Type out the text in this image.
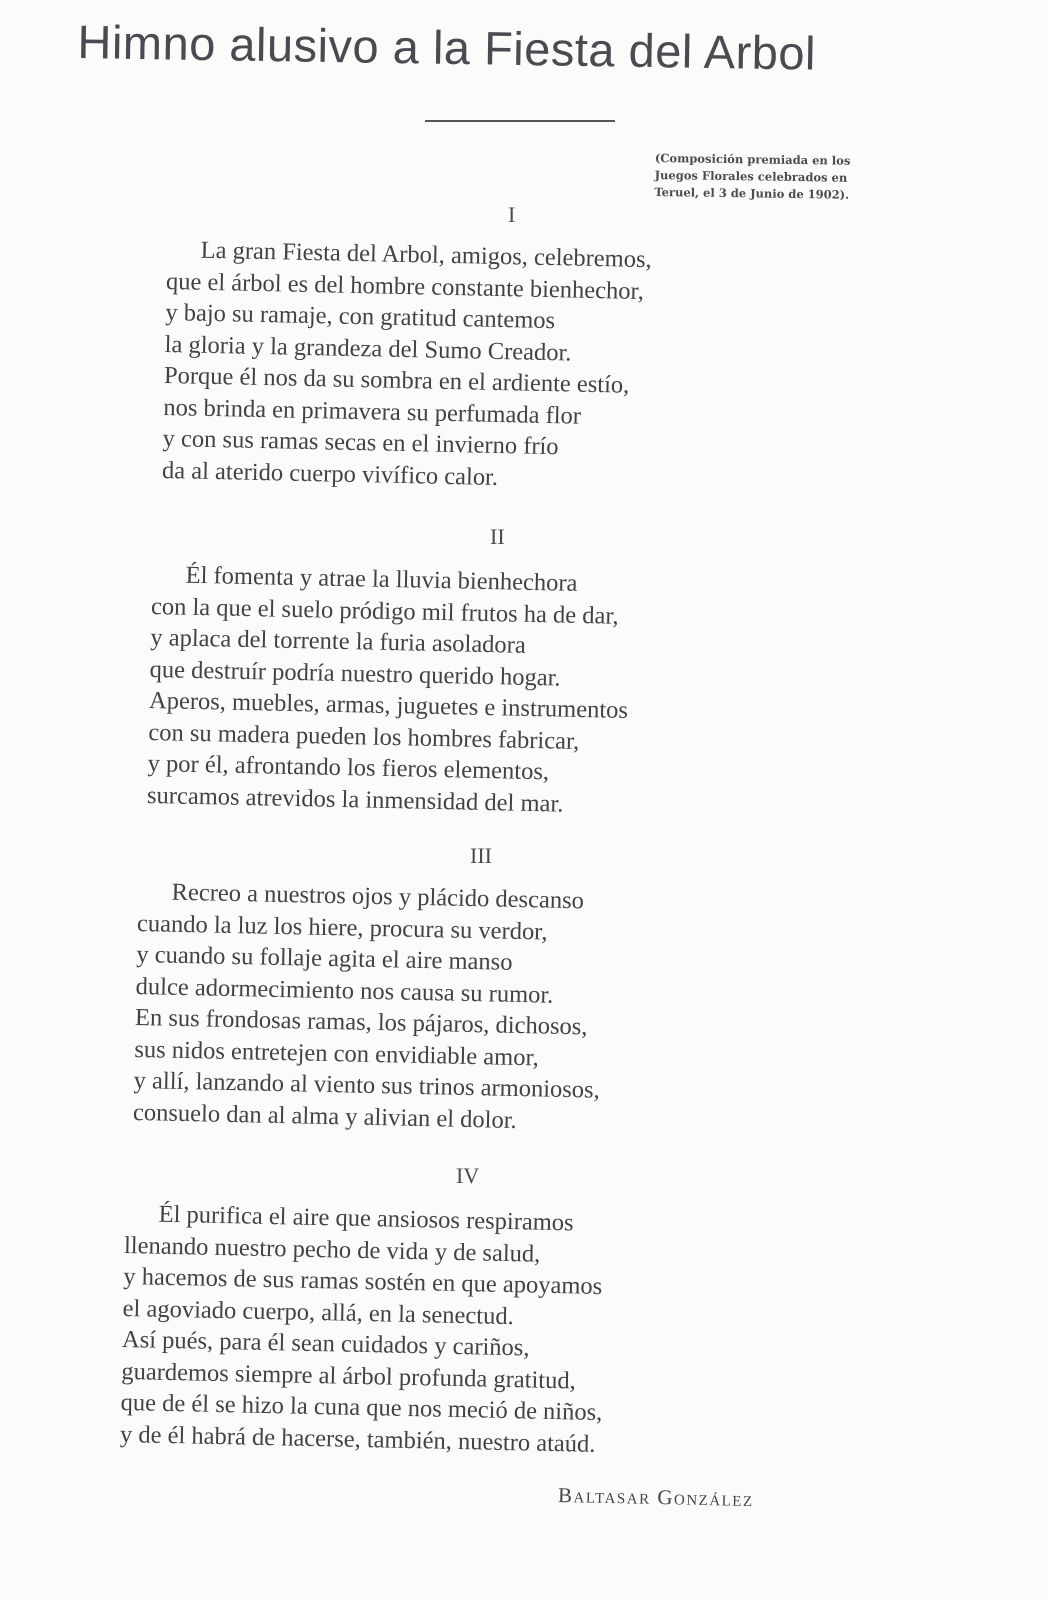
Himno alusivo a la Fiesta del Arbol
(Composición premiada en los
Juegos Florales celebrados en
Teruel, el 3 de Junio de 1902).
I
La gran Fiesta del Arbol, amigos, celebremos,
que el árbol es del hombre constante bienhechor,
y bajo su ramaje, con gratitud cantemos
la gloria y la grandeza del Sumo Creador.
Porque él nos da su sombra en el ardiente estío,
nos brinda en primavera su perfumada flor
y con sus ramas secas en el invierno frío
da al aterido cuerpo vivífico calor.
II
Él fomenta y atrae la lluvia bienhechora
con la que el suelo pródigo mil frutos ha de dar,
y aplaca del torrente la furia asoladora
que destruír podría nuestro querido hogar.
Aperos, muebles, armas, juguetes e instrumentos
con su madera pueden los hombres fabricar,
y por él, afrontando los fieros elementos,
surcamos atrevidos la inmensidad del mar.
III
Recreo a nuestros ojos y plácido descanso
cuando la luz los hiere, procura su verdor,
y cuando su follaje agita el aire manso
dulce adormecimiento nos causa su rumor.
En sus frondosas ramas, los pájaros, dichosos,
sus nidos entretejen con envidiable amor,
y allí, lanzando al viento sus trinos armoniosos,
consuelo dan al alma y alivian el dolor.
IV
Él purifica el aire que ansiosos respiramos
llenando nuestro pecho de vida y de salud,
y hacemos de sus ramas sostén en que apoyamos
el agoviado cuerpo, allá, en la senectud.
Así pués, para él sean cuidados y cariños,
guardemos siempre al árbol profunda gratitud,
que de él se hizo la cuna que nos meció de niños,
y de él habrá de hacerse, también, nuestro ataúd.
Baltasar González
